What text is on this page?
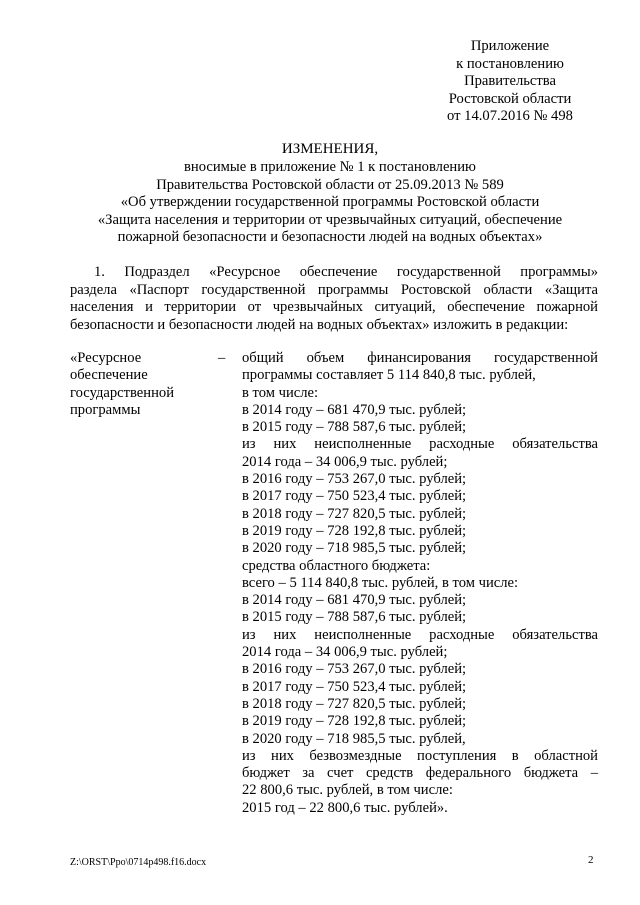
Приложение
к постановлению
Правительства
Ростовской области
от 14.07.2016 № 498
ИЗМЕНЕНИЯ,
вносимые в приложение № 1 к постановлению
Правительства Ростовской области от 25.09.2013 № 589
«Об утверждении государственной программы Ростовской области
«Защита населения и территории от чрезвычайных ситуаций, обеспечение
пожарной безопасности и безопасности людей на водных объектах»
1. Подраздел «Ресурсное обеспечение государственной программы»
раздела «Паспорт государственной программы Ростовской области «Защита
населения и территории от чрезвычайных ситуаций, обеспечение пожарной
безопасности и безопасности людей на водных объектах» изложить в редакции:
«Ресурсное
обеспечение
государственной
программы
– общий объем финансирования государственной
программы составляет 5 114 840,8 тыс. рублей,
в том числе:
в 2014 году – 681 470,9 тыс. рублей;
в 2015 году – 788 587,6 тыс. рублей;
из них неисполненные расходные обязательства
2014 года – 34 006,9 тыс. рублей;
в 2016 году – 753 267,0 тыс. рублей;
в 2017 году – 750 523,4 тыс. рублей;
в 2018 году – 727 820,5 тыс. рублей;
в 2019 году – 728 192,8 тыс. рублей;
в 2020 году – 718 985,5 тыс. рублей;
средства областного бюджета:
всего – 5 114 840,8 тыс. рублей, в том числе:
в 2014 году – 681 470,9 тыс. рублей;
в 2015 году – 788 587,6 тыс. рублей;
из них неисполненные расходные обязательства
2014 года – 34 006,9 тыс. рублей;
в 2016 году – 753 267,0 тыс. рублей;
в 2017 году – 750 523,4 тыс. рублей;
в 2018 году – 727 820,5 тыс. рублей;
в 2019 году – 728 192,8 тыс. рублей;
в 2020 году – 718 985,5 тыс. рублей,
из них безвозмездные поступления в областной
бюджет за счет средств федерального бюджета –
22 800,6 тыс. рублей, в том числе:
2015 год – 22 800,6 тыс. рублей».
Z:\ORST\Ppo\0714p498.f16.docx	2
